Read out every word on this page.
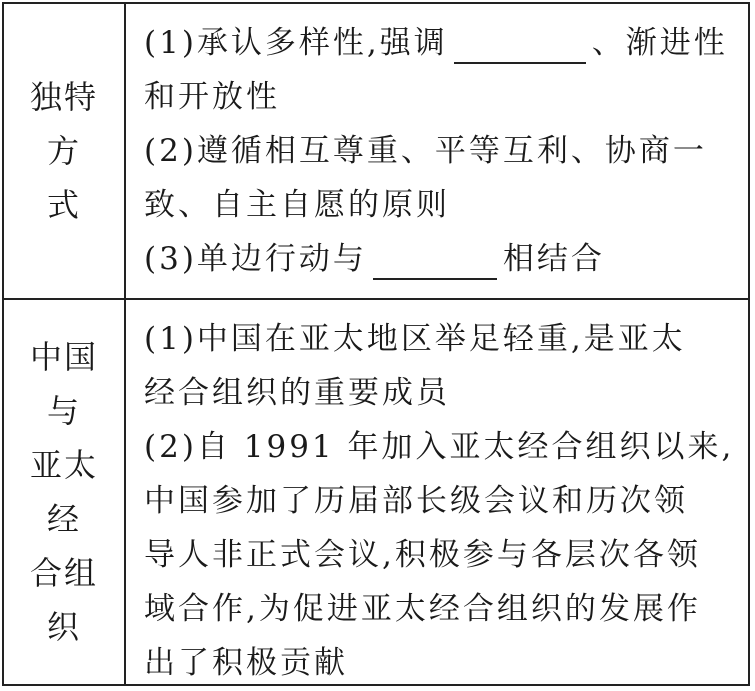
独特方
式
(1)承认多样性,强调	、渐进性
和开放性
(2)遵循相互尊重、平等互利、协商一
致、自主自愿的原则
(3)单边行动与	相结合
中国与
亚太经
合组织
(1)中国在亚太地区举足轻重,是亚太
经合组织的重要成员
(2)自 1991 年加入亚太经合组织以来,
中国参加了历届部长级会议和历次领
导人非正式会议,积极参与各层次各领
域合作,为促进亚太经合组织的发展作
出了积极贡献
